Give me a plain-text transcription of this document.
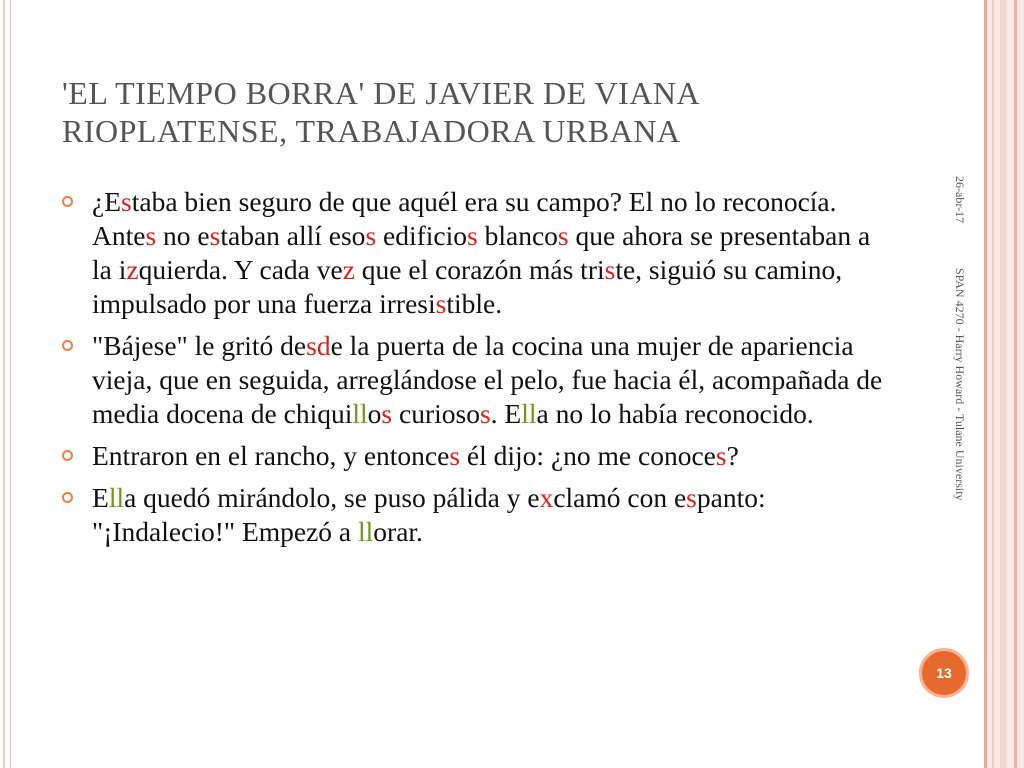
'EL TIEMPO BORRA' DE JAVIER DE VIANA
RIOPLATENSE, TRABAJADORA URBANA
¿Estaba bien seguro de que aquél era su campo? El no lo reconocía. Antes no estaban allí esos edificios blancos que ahora se presentaban a la izquierda. Y cada vez que el corazón más triste, siguió su camino, impulsado por una fuerza irresistible.
"Bájese" le gritó desde la puerta de la cocina una mujer de apariencia vieja, que en seguida, arreglándose el pelo, fue hacia él, acompañada de media docena de chiquillos curiosos. Ella no lo había reconocido.
Entraron en el rancho, y entonces él dijo: ¿no me conoces?
Ella quedó mirándolo, se puso pálida y exclamó con espanto: "¡Indalecio!" Empezó a llorar.
26-abr-17
SPAN 4270 - Harry Howard - Tulane University
13
